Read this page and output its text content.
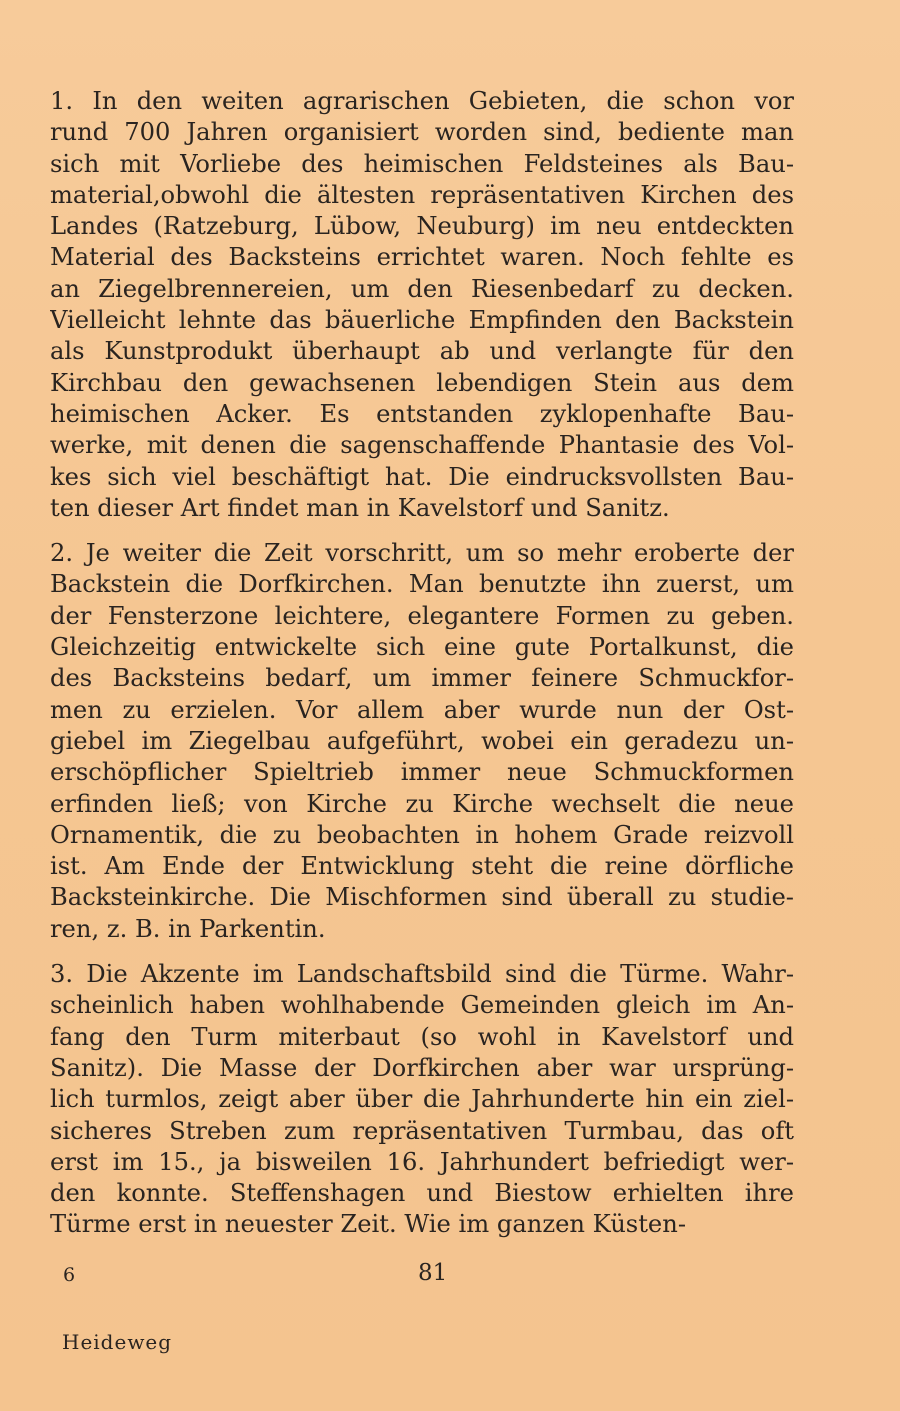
1. In den weiten agrarischen Gebieten, die schon vor
rund 700 Jahren organisiert worden sind, bediente man
sich mit Vorliebe des heimischen Feldsteines als Bau-
material,obwohl die ältesten repräsentativen Kirchen des
Landes (Ratzeburg, Lübow, Neuburg) im neu entdeckten
Material des Backsteins errichtet waren. Noch fehlte es
an Ziegelbrennereien, um den Riesenbedarf zu decken.
Vielleicht lehnte das bäuerliche Empfinden den Backstein
als Kunstprodukt überhaupt ab und verlangte für den
Kirchbau den gewachsenen lebendigen Stein aus dem
heimischen Acker. Es entstanden zyklopenhafte Bau-
werke, mit denen die sagenschaffende Phantasie des Vol-
kes sich viel beschäftigt hat. Die eindrucksvollsten Bau-
ten dieser Art findet man in Kavelstorf und Sanitz.
2. Je weiter die Zeit vorschritt, um so mehr eroberte der
Backstein die Dorfkirchen. Man benutzte ihn zuerst, um
der Fensterzone leichtere, elegantere Formen zu geben.
Gleichzeitig entwickelte sich eine gute Portalkunst, die
des Backsteins bedarf, um immer feinere Schmuckfor-
men zu erzielen. Vor allem aber wurde nun der Ost-
giebel im Ziegelbau aufgeführt, wobei ein geradezu un-
erschöpflicher Spieltrieb immer neue Schmuckformen
erfinden ließ; von Kirche zu Kirche wechselt die neue
Ornamentik, die zu beobachten in hohem Grade reizvoll
ist. Am Ende der Entwicklung steht die reine dörfliche
Backsteinkirche. Die Mischformen sind überall zu studie-
ren, z. B. in Parkentin.
3. Die Akzente im Landschaftsbild sind die Türme. Wahr-
scheinlich haben wohlhabende Gemeinden gleich im An-
fang den Turm miterbaut (so wohl in Kavelstorf und
Sanitz). Die Masse der Dorfkirchen aber war ursprüng-
lich turmlos, zeigt aber über die Jahrhunderte hin ein ziel-
sicheres Streben zum repräsentativen Turmbau, das oft
erst im 15., ja bisweilen 16. Jahrhundert befriedigt wer-
den konnte. Steffenshagen und Biestow erhielten ihre
Türme erst in neuester Zeit. Wie im ganzen Küsten-
6	81
Heideweg
